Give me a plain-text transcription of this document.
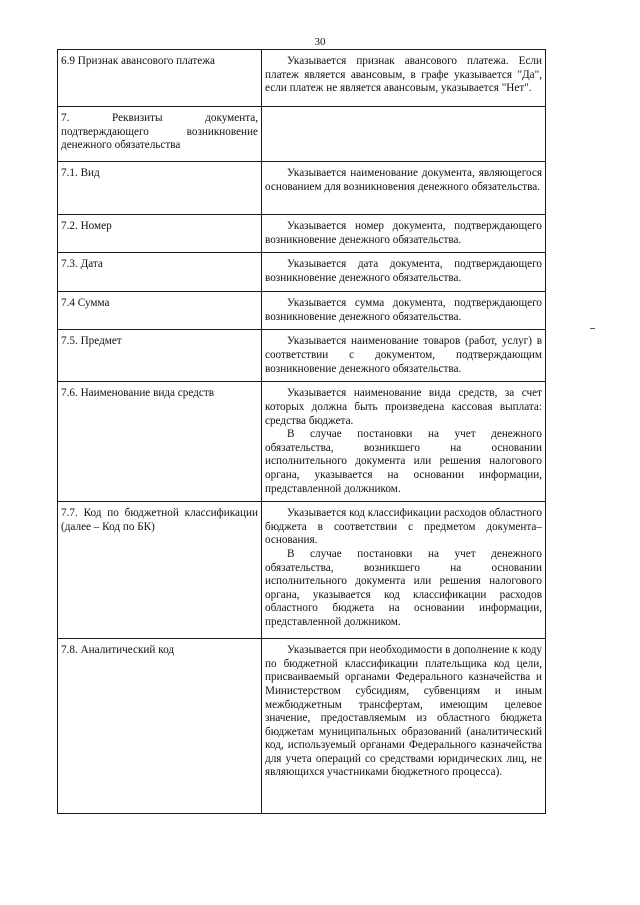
30
6.9 Признак авансового платежа	Указывается признак авансового платежа. Если платеж является авансовым, в графе указывается "Да", если платеж не является авансовым, указывается "Нет".

7. Реквизиты документа, подтверждающего возникновение денежного обязательства	
7.1. Вид	Указывается наименование документа, являющегося основанием для возникновения денежного обязательства.

7.2. Номер	Указывается номер документа, подтверждающего возникновение денежного обязательства.

7.3. Дата	Указывается дата документа, подтверждающего возникновение денежного обязательства.

7.4 Сумма	Указывается сумма документа, подтверждающего возникновение денежного обязательства.

7.5. Предмет	Указывается наименование товаров (работ, услуг) в соответствии с документом, подтверждающим возникновение денежного обязательства.

7.6. Наименование вида средств	Указывается наименование вида средств, за счет которых должна быть произведена кассовая выплата: средства бюджета.

В случае постановки на учет денежного обязательства, возникшего на основании исполнительного документа или решения налогового органа, указывается на основании информации, представленной должником.

7.7. Код по бюджетной классификации (далее – Код по БК)	Указывается код классификации расходов областного бюджета в соответствии с предметом документа–основания.

В случае постановки на учет денежного обязательства, возникшего на основании исполнительного документа или решения налогового органа, указывается код классификации расходов областного бюджета на основании информации, представленной должником.

7.8. Аналитический код	Указывается при необходимости в дополнение к коду по бюджетной классификации плательщика код цели, присваиваемый органами Федерального казначейства и Министерством субсидиям, субвенциям и иным межбюджетным трансфертам, имеющим целевое значение, предоставляемым из областного бюджета бюджетам муниципальных образований (аналитический код, используемый органами Федерального казначейства для учета операций со средствами юридических лиц, не являющихся участниками бюджетного процесса).
